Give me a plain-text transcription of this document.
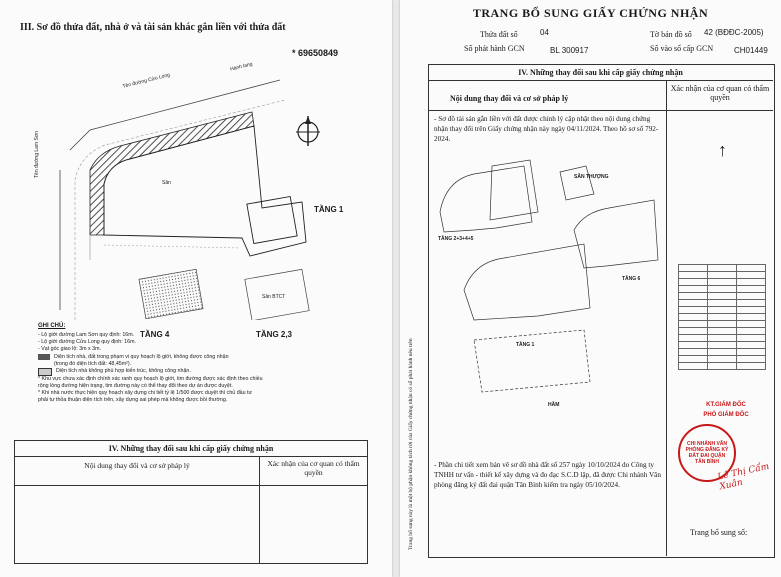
III. Sơ đồ thửa đất, nhà ở và tài sản khác gắn liền với thửa đất
* 69650849
Tên đường Cửu Long
Hành lang
Tên đường Lam Sơn
Sân
TẦNG 1
Sân BTCT
TẦNG 4	TẦNG 2,3
GHI CHÚ:
- Lộ giới đường Lam Sơn quy định: 16m.
- Lộ giới đường Cửu Long quy định: 16m.
- Vạt góc giao lộ: 3m x 3m.
Diện tích nhà, đất trong phạm vi quy hoạch lộ giới, không được công nhận
(trong đó diện tích đất: 48,45m²).
Diện tích nhà không phù hợp kiến trúc, không công nhận.
* Khu vực chưa xác định chính xác ranh quy hoạch lộ giới, tim đường được xác định theo chiều
rộng lòng đường hiện trạng, tim đường này có thể thay đổi theo dự án được duyệt.
* Khi nhà nước thực hiện quy hoạch xây dựng chi tiết tỷ lệ 1/500 được duyệt thì chủ đầu tư
phải tự thỏa thuận diện tích trên, xây dựng sai phép mà không được bồi thường.
IV. Những thay đổi sau khi cấp giấy chứng nhận
Nội dung thay đổi và cơ sở pháp lý	Xác nhận của cơ quan có thẩm quyền
TRANG BỔ SUNG GIẤY CHỨNG NHẬN
Thửa đất số	04	Tờ bản đồ số 42 (BĐĐC-2005)
Số phát hành GCN	BL 300917	Số vào sổ cấp GCN	CH01449
IV. Những thay đổi sau khi cấp giấy chứng nhận
Nội dung thay đổi và cơ sở pháp lý
Xác nhận của cơ quan có thẩm quyền
- Sơ đồ tài sản gắn liền với đất được chỉnh lý cập nhật theo nội dung chứng nhận thay đổi trên Giấy chứng nhận này ngày 04/11/2024. Theo hồ sơ số 792-2024.
SÂN THƯỢNG
TẦNG 2+3+4+5
TẦNG 6
TẦNG 1
HẦM

↑
KT.GIÁM ĐỐC
PHÓ GIÁM ĐỐC
CHI NHÁNH VĂN PHÒNG ĐĂNG KÝ ĐẤT ĐAI QUẬN TÂN BÌNH
Lê Thị Cẩm Xuân
- Phần chi tiết xem bản vẽ sơ đồ nhà đất số 257 ngày 10/10/2024 do Công ty TNHH tư vấn - thiết kế xây dựng và đo đạc S.C.D lập, đã được Chi nhánh Văn phòng đăng ký đất đai quận Tân Bình kiểm tra ngày 05/10/2024.
Trang bổ sung số:
Trang bổ sung này là một bộ phận không tách rời của Giấy chứng nhận có số phát hành nêu trên
